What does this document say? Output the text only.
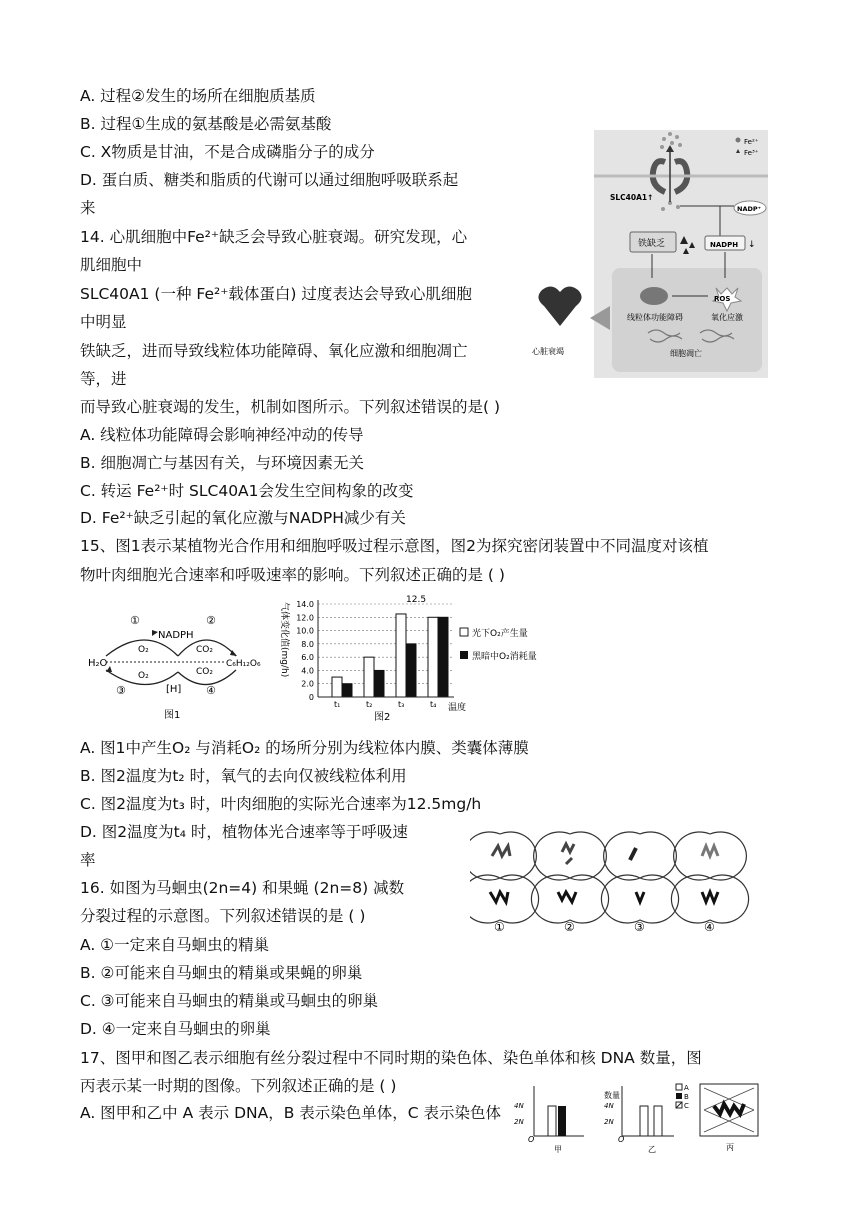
A. 过程②发生的场所在细胞质基质
B. 过程①生成的氨基酸是必需氨基酸
C. X物质是甘油，不是合成磷脂分子的成分
D. 蛋白质、糖类和脂质的代谢可以通过细胞呼吸联系起
来
14. 心肌细胞中Fe²⁺缺乏会导致心脏衰竭。研究发现，心
肌细胞中
SLC40A1 (一种 Fe²⁺载体蛋白) 过度表达会导致心肌细胞
中明显
铁缺乏，进而导致线粒体功能障碍、氧化应激和细胞凋亡
等，进
而导致心脏衰竭的发生，机制如图所示。下列叙述错误的是( )
A. 线粒体功能障碍会影响神经冲动的传导
B. 细胞凋亡与基因有关，与环境因素无关
C. 转运 Fe²⁺时 SLC40A1会发生空间构象的改变
D. Fe²⁺缺乏引起的氧化应激与NADPH减少有关
Fe²⁺
Fe³⁺
SLC40A1↑
NADP⁺
铁缺乏	NADPH ↓
ROS
线粒体功能障碍	氧化应激
细胞凋亡
心脏衰竭
15、图1表示某植物光合作用和细胞呼吸过程示意图，图2为探究密闭装置中不同温度对该植
物叶肉细胞光合速率和呼吸速率的影响。下列叙述正确的是 ( )
①	②
NADPH
O₂	CO₂
H₂O	C₆H₁₂O₆
O₂	CO₂
[H]
③	④
图1
气体变化值(mg/h)
0
2.0
4.0
6.0
8.0
10.0
12.0
14.0
t₁	t₂	t₃	t₄
12.5
温度
图2
光下O₂产生量
黑暗中O₂消耗量
A. 图1中产生O₂ 与消耗O₂ 的场所分别为线粒体内膜、类囊体薄膜
B. 图2温度为t₂ 时，氧气的去向仅被线粒体利用
C. 图2温度为t₃ 时，叶肉细胞的实际光合速率为12.5mg/h
D. 图2温度为t₄ 时，植物体光合速率等于呼吸速
率
16. 如图为马蛔虫(2n=4) 和果蝇 (2n=8) 减数
分裂过程的示意图。下列叙述错误的是 ( )
A. ①一定来自马蛔虫的精巢
B. ②可能来自马蛔虫的精巢或果蝇的卵巢
C. ③可能来自马蛔虫的精巢或马蛔虫的卵巢
D. ④一定来自马蛔虫的卵巢
①	②	③	④
17、图甲和图乙表示细胞有丝分裂过程中不同时期的染色体、染色单体和核 DNA 数量，图
丙表示某一时期的图像。下列叙述正确的是 ( )
A. 图甲和乙中 A 表示 DNA，B 表示染色单体，C 表示染色体 4N
2N
O
甲
数量
4N
2N
O
乙
A
B
C
丙
